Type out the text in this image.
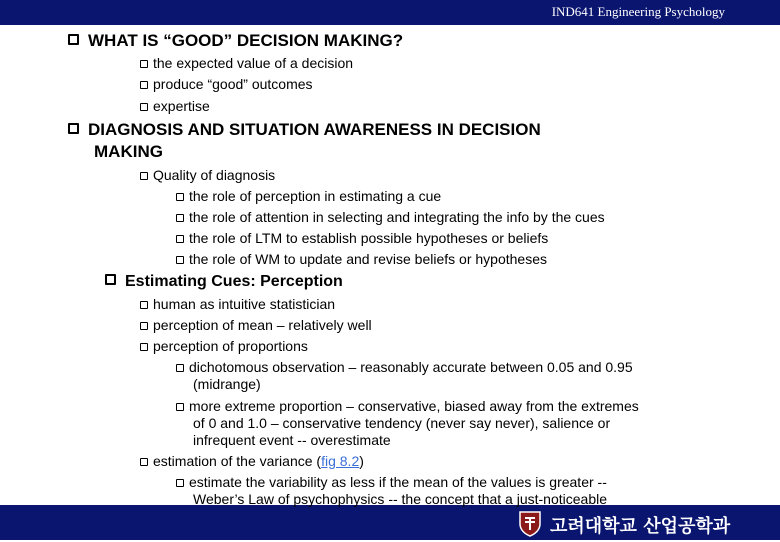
IND641 Engineering Psychology
WHAT IS “GOOD” DECISION MAKING?
the expected value of a decision
produce “good” outcomes
expertise
DIAGNOSIS AND SITUATION AWARENESS IN DECISION
MAKING
Quality of diagnosis
the role of perception in estimating a cue
the role of attention in selecting and integrating the info by the cues
the role of LTM to establish possible hypotheses or beliefs
the role of WM to update and revise beliefs or hypotheses
Estimating Cues: Perception
human as intuitive statistician
perception of mean – relatively well
perception of proportions
dichotomous observation – reasonably accurate between 0.05 and 0.95
(midrange)
more extreme proportion – conservative, biased away from the extremes
of 0 and 1.0 – conservative tendency (never say never), salience or
infrequent event -- overestimate
estimation of the variance (fig 8.2)
estimate the variability as less if the mean of the values is greater --
Weber’s Law of psychophysics -- the concept that a just-noticeable
고려대학교 산업공학과
